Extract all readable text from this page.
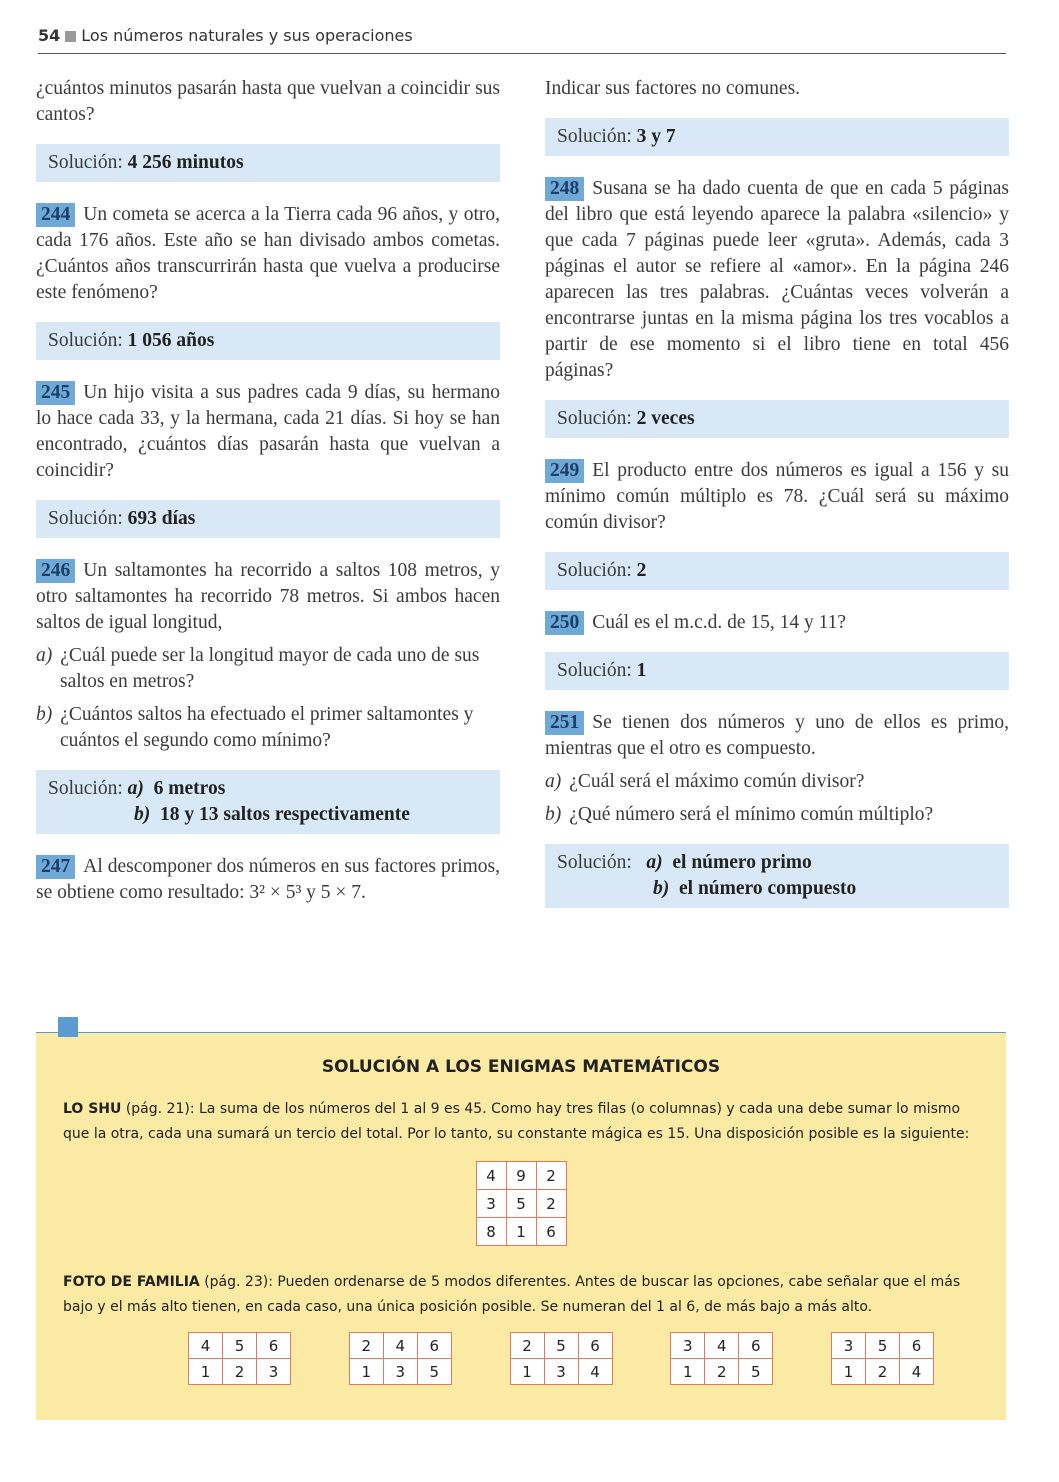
54 Los números naturales y sus operaciones

¿cuántos minutos pasarán hasta que vuelvan a coincidir sus cantos?

Solución: 4 256 minutos

244 Un cometa se acerca a la Tierra cada 96 años, y otro, cada 176 años. Este año se han divisado ambos cometas. ¿Cuántos años transcurrirán hasta que vuelva a producirse este fenómeno?

Solución: 1 056 años

245 Un hijo visita a sus padres cada 9 días, su hermano lo hace cada 33, y la hermana, cada 21 días. Si hoy se han encontrado, ¿cuántos días pasarán hasta que vuelvan a coincidir?

Solución: 693 días

246 Un saltamontes ha recorrido a saltos 108 metros, y otro saltamontes ha recorrido 78 metros. Si ambos hacen saltos de igual longitud,

a) ¿Cuál puede ser la longitud mayor de cada uno de sus saltos en metros?
b) ¿Cuántos saltos ha efectuado el primer saltamontes y cuántos el segundo como mínimo?
Solución: a) 6 metros
b) 18 y 13 saltos respectivamente

247 Al descomponer dos números en sus factores primos, se obtiene como resultado: 3² × 5³ y 5 × 7.

Indicar sus factores no comunes.

Solución: 3 y 7

248 Susana se ha dado cuenta de que en cada 5 páginas del libro que está leyendo aparece la palabra «silencio» y que cada 7 páginas puede leer «gruta». Además, cada 3 páginas el autor se refiere al «amor». En la página 246 aparecen las tres palabras. ¿Cuántas veces volverán a encontrarse juntas en la misma página los tres vocablos a partir de ese momento si el libro tiene en total 456 páginas?

Solución: 2 veces

249 El producto entre dos números es igual a 156 y su mínimo común múltiplo es 78. ¿Cuál será su máximo común divisor?

Solución: 2

250 Cuál es el m.c.d. de 15, 14 y 11?

Solución: 1

251 Se tienen dos números y uno de ellos es primo, mientras que el otro es compuesto.

a) ¿Cuál será el máximo común divisor?
b) ¿Qué número será el mínimo común múltiplo?
Solución: a) el número primo
b) el número compuesto
SOLUCIÓN A LOS ENIGMAS MATEMÁTICOS

LO SHU (pág. 21): La suma de los números del 1 al 9 es 45. Como hay tres filas (o columnas) y cada una debe sumar lo mismo que la otra, cada una sumará un tercio del total. Por lo tanto, su constante mágica es 15. Una disposición posible es la siguiente:

4	9	2
3	5	2
8	1	6

FOTO DE FAMILIA (pág. 23): Pueden ordenarse de 5 modos diferentes. Antes de buscar las opciones, cabe señalar que el más bajo y el más alto tienen, en cada caso, una única posición posible. Se numeran del 1 al 6, de más bajo a más alto.

4	5	6
1	2	3
2	4	6
1	3	5
2	5	6
1	3	4
3	4	6
1	2	5
3	5	6
1	2	4
